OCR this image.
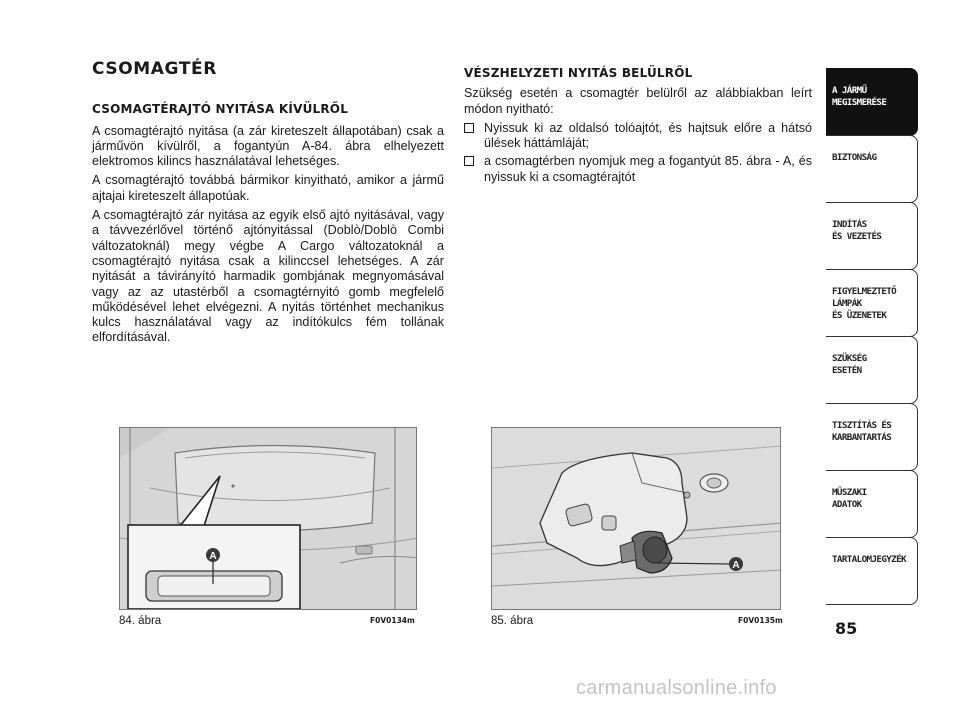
CSOMAGTÉR
CSOMAGTÉRAJTÓ NYITÁSA KÍVÜLRŐL

A csomagtérajtó nyitása (a zár kireteszelt állapotában) csak a járművön kívülről, a fogantyún A-84. ábra elhelyezett elektromos kilincs használatával lehetséges.

A csomagtérajtó továbbá bármikor kinyitható, amikor a jármű ajtajai kireteszelt állapotúak.

A csomagtérajtó zár nyitása az egyik első ajtó nyitásával, vagy a távvezérlővel történő ajtónyitással (Doblò/Doblò Combi változatoknál) megy végbe A Cargo változatoknál a csomagtérajtó nyitása csak a kilinccsel lehetséges. A zár nyitását a távirányító harmadik gombjának megnyomásával vagy az az utastérből a csomagtérnyitó gomb megfelelő működésével lehet elvégezni. A nyitás történhet mechanikus kulcs használatával vagy az indítókulcs fém tollának elfordításával.

VÉSZHELYZETI NYITÁS BELÜLRŐL

Szükség esetén a csomagtér belülről az alábbiakban leírt módon nyitható:

Nyissuk ki az oldalsó tolóajtót, és hajtsuk előre a hátsó ülések háttámláját;
a csomagtérben nyomjuk meg a fogantyút 85. ábra - A, és nyissuk ki a csomagtérajtót
A
84. ábra	F0V0134m
A
85. ábra	F0V0135m
A JÁRMŰ
MEGISMERÉSE
BIZTONSÁG
INDÍTÁS
ÉS VEZETÉS
FIGYELMEZTETŐ
LÁMPÁK
ÉS ÜZENETEK
SZÜKSÉG
ESETÉN
TISZTÍTÁS ÉS
KARBANTARTÁS
MŰSZAKI
ADATOK
TARTALOMJEGYZÉK
85
carmanualsonline.info
